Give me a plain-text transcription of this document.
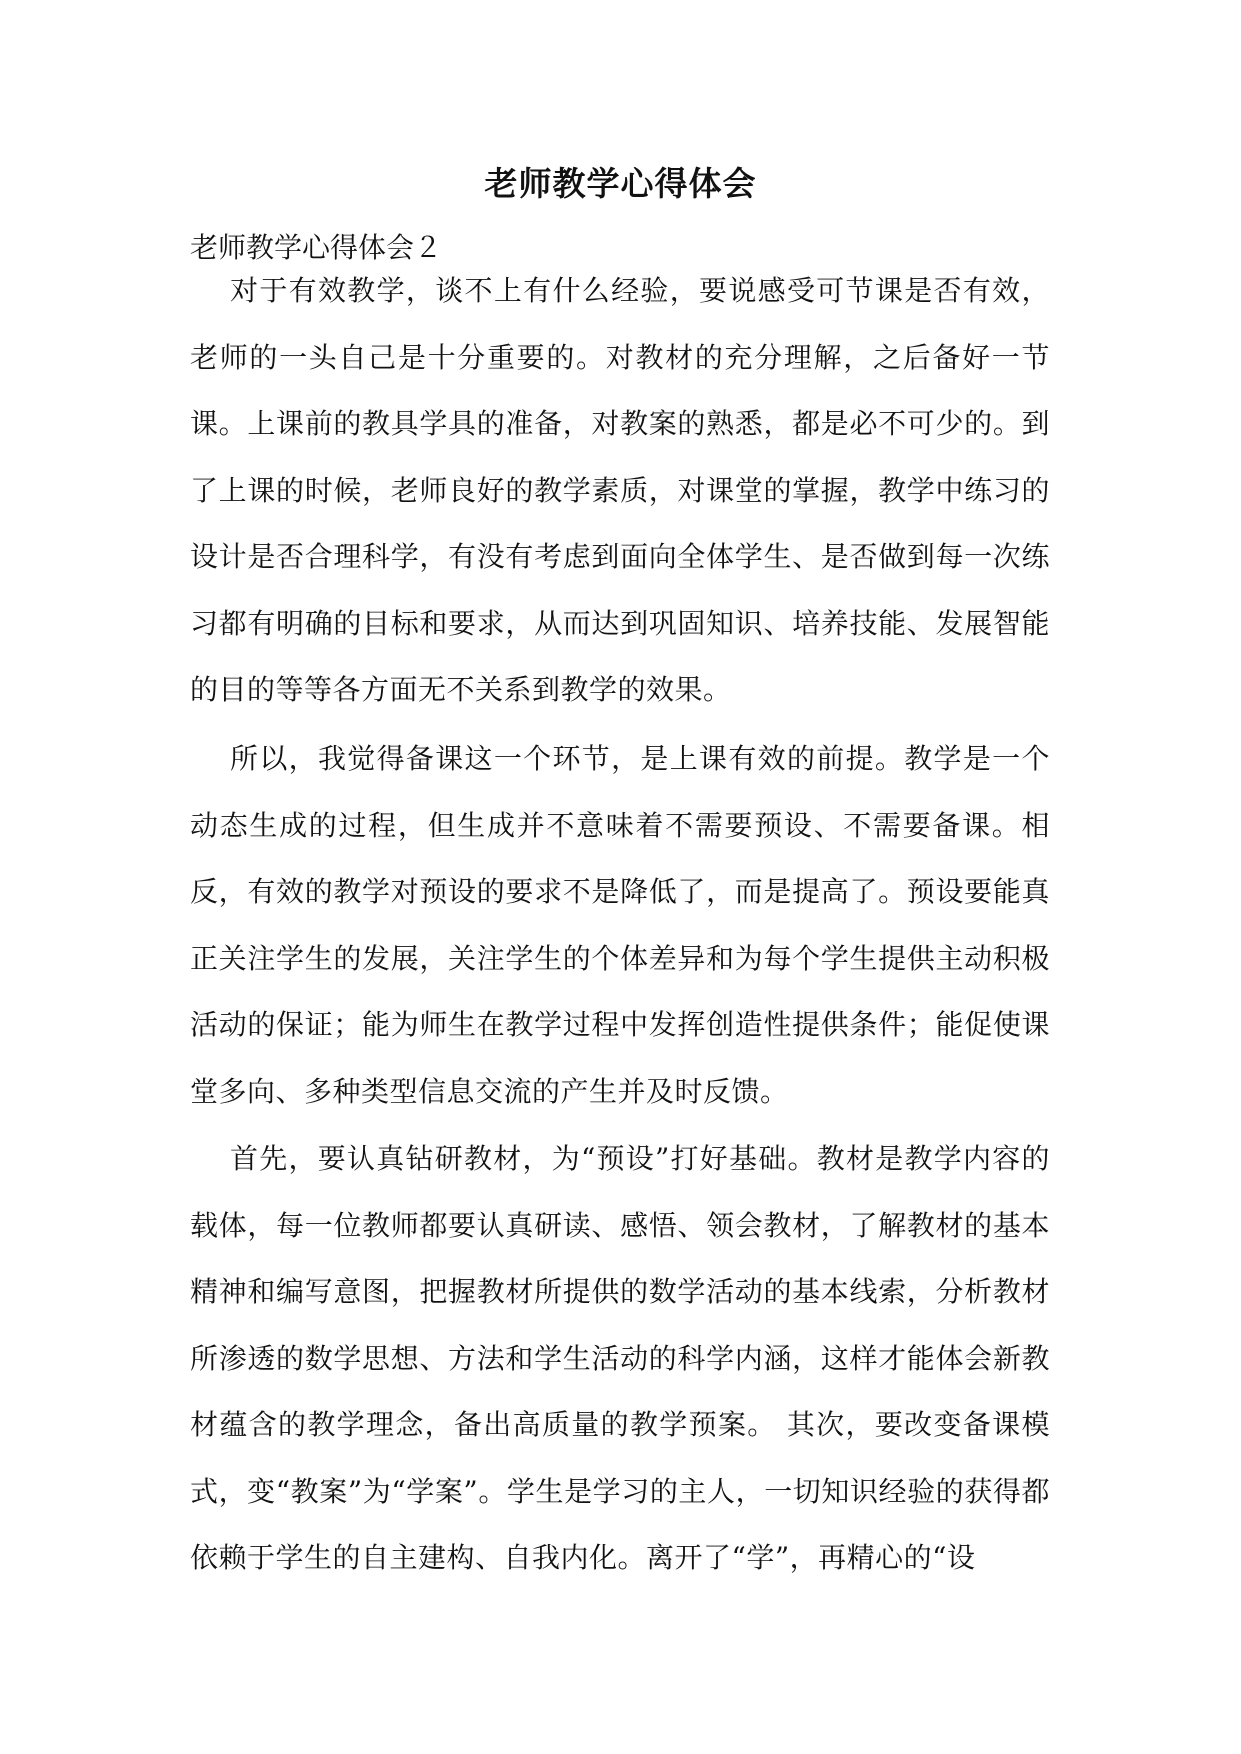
老师教学心得体会
老师教学心得体会２

对于有效教学，谈不上有什么经验，要说感受可节课是否有效，老师的一头自己是十分重要的。对教材的充分理解，之后备好一节课。上课前的教具学具的准备，对教案的熟悉，都是必不可少的。到了上课的时候，老师良好的教学素质，对课堂的掌握，教学中练习的设计是否合理科学，有没有考虑到面向全体学生、是否做到每一次练习都有明确的目标和要求，从而达到巩固知识、培养技能、发展智能的目的等等各方面无不关系到教学的效果。

所以，我觉得备课这一个环节，是上课有效的前提。教学是一个动态生成的过程，但生成并不意味着不需要预设、不需要备课。相反，有效的教学对预设的要求不是降低了，而是提高了。预设要能真正关注学生的发展，关注学生的个体差异和为每个学生提供主动积极活动的保证；能为师生在教学过程中发挥创造性提供条件；能促使课堂多向、多种类型信息交流的产生并及时反馈。

首先，要认真钻研教材，为“预设”打好基础。教材是教学内容的载体，每一位教师都要认真研读、感悟、领会教材，了解教材的基本精神和编写意图，把握教材所提供的数学活动的基本线索，分析教材所渗透的数学思想、方法和学生活动的科学内涵，这样才能体会新教材蕴含的教学理念，备出高质量的教学预案。 其次，要改变备课模式，变“教案”为“学案”。学生是学习的主人，一切知识经验的获得都依赖于学生的自主建构、自我内化。离开了“学”，再精心的“设
